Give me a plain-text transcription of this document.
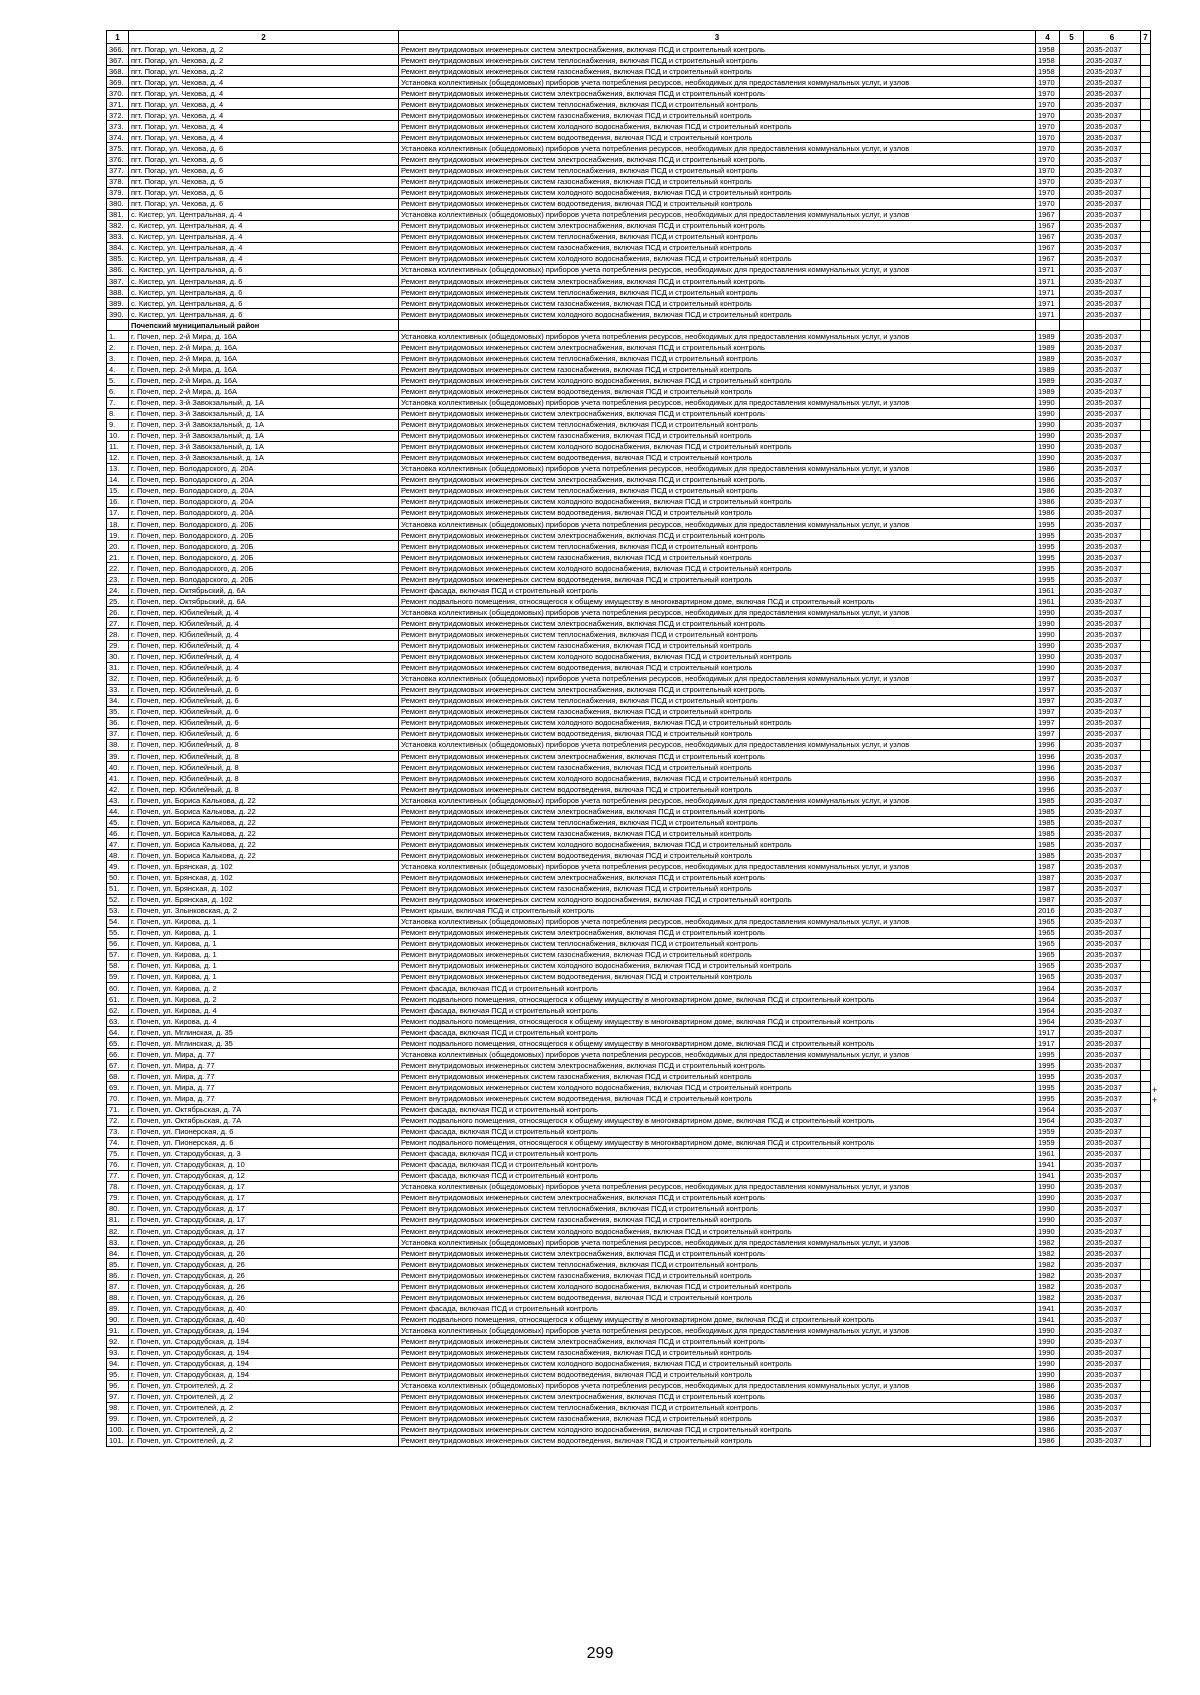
1	2	3	4	5	6	7
366.	пгт. Погар, ул. Чехова, д. 2	Ремонт внутридомовых инженерных систем электроснабжения, включая ПСД и строительный контроль	1958		2035-2037	
367.	пгт. Погар, ул. Чехова, д. 2	Ремонт внутридомовых инженерных систем теплоснабжения, включая ПСД и строительный контроль	1958		2035-2037	
368.	пгт. Погар, ул. Чехова, д. 2	Ремонт внутридомовых инженерных систем газоснабжения, включая ПСД и строительный контроль	1958		2035-2037	
369.	пгт. Погар, ул. Чехова, д. 4	Установка коллективных (общедомовых) приборов учета потребления ресурсов, необходимых для предоставления коммунальных услуг, и узлов	1970		2035-2037	
370.	пгт. Погар, ул. Чехова, д. 4	Ремонт внутридомовых инженерных систем электроснабжения, включая ПСД и строительный контроль	1970		2035-2037	
371.	пгт. Погар, ул. Чехова, д. 4	Ремонт внутридомовых инженерных систем теплоснабжения, включая ПСД и строительный контроль	1970		2035-2037	
372.	пгт. Погар, ул. Чехова, д. 4	Ремонт внутридомовых инженерных систем газоснабжения, включая ПСД и строительный контроль	1970		2035-2037	
373.	пгт. Погар, ул. Чехова, д. 4	Ремонт внутридомовых инженерных систем холодного водоснабжения, включая ПСД и строительный контроль	1970		2035-2037	
374.	пгт. Погар, ул. Чехова, д. 4	Ремонт внутридомовых инженерных систем водоотведения, включая ПСД и строительный контроль	1970		2035-2037	
375.	пгт. Погар, ул. Чехова, д. 6	Установка коллективных (общедомовых) приборов учета потребления ресурсов, необходимых для предоставления коммунальных услуг, и узлов	1970		2035-2037	
376.	пгт. Погар, ул. Чехова, д. 6	Ремонт внутридомовых инженерных систем электроснабжения, включая ПСД и строительный контроль	1970		2035-2037	
377.	пгт. Погар, ул. Чехова, д. 6	Ремонт внутридомовых инженерных систем теплоснабжения, включая ПСД и строительный контроль	1970		2035-2037	
378.	пгт. Погар, ул. Чехова, д. 6	Ремонт внутридомовых инженерных систем газоснабжения, включая ПСД и строительный контроль	1970		2035-2037	
379.	пгт. Погар, ул. Чехова, д. 6	Ремонт внутридомовых инженерных систем холодного водоснабжения, включая ПСД и строительный контроль	1970		2035-2037	
380.	пгт. Погар, ул. Чехова, д. 6	Ремонт внутридомовых инженерных систем водоотведения, включая ПСД и строительный контроль	1970		2035-2037	
381.	с. Кистер, ул. Центральная, д. 4	Установка коллективных (общедомовых) приборов учета потребления ресурсов, необходимых для предоставления коммунальных услуг, и узлов	1967		2035-2037	
382.	с. Кистер, ул. Центральная, д. 4	Ремонт внутридомовых инженерных систем электроснабжения, включая ПСД и строительный контроль	1967		2035-2037	
383.	с. Кистер, ул. Центральная, д. 4	Ремонт внутридомовых инженерных систем теплоснабжения, включая ПСД и строительный контроль	1967		2035-2037	
384.	с. Кистер, ул. Центральная, д. 4	Ремонт внутридомовых инженерных систем газоснабжения, включая ПСД и строительный контроль	1967		2035-2037	
385.	с. Кистер, ул. Центральная, д. 4	Ремонт внутридомовых инженерных систем холодного водоснабжения, включая ПСД и строительный контроль	1967		2035-2037	
386.	с. Кистер, ул. Центральная, д. 6	Установка коллективных (общедомовых) приборов учета потребления ресурсов, необходимых для предоставления коммунальных услуг, и узлов	1971		2035-2037	
387.	с. Кистер, ул. Центральная, д. 6	Ремонт внутридомовых инженерных систем электроснабжения, включая ПСД и строительный контроль	1971		2035-2037	
388.	с. Кистер, ул. Центральная, д. 6	Ремонт внутридомовых инженерных систем теплоснабжения, включая ПСД и строительный контроль	1971		2035-2037	
389.	с. Кистер, ул. Центральная, д. 6	Ремонт внутридомовых инженерных систем газоснабжения, включая ПСД и строительный контроль	1971		2035-2037	
390.	с. Кистер, ул. Центральная, д. 6	Ремонт внутридомовых инженерных систем холодного водоснабжения, включая ПСД и строительный контроль	1971		2035-2037	
	Почепский муниципальный район					
1.	г. Почеп, пер. 2-й Мира, д. 16А	Установка коллективных (общедомовых) приборов учета потребления ресурсов, необходимых для предоставления коммунальных услуг, и узлов	1989		2035-2037	
2.	г. Почеп, пер. 2-й Мира, д. 16А	Ремонт внутридомовых инженерных систем электроснабжения, включая ПСД и строительный контроль	1989		2035-2037	
3.	г. Почеп, пер. 2-й Мира, д. 16А	Ремонт внутридомовых инженерных систем теплоснабжения, включая ПСД и строительный контроль	1989		2035-2037	
4.	г. Почеп, пер. 2-й Мира, д. 16А	Ремонт внутридомовых инженерных систем газоснабжения, включая ПСД и строительный контроль	1989		2035-2037	
5.	г. Почеп, пер. 2-й Мира, д. 16А	Ремонт внутридомовых инженерных систем холодного водоснабжения, включая ПСД и строительный контроль	1989		2035-2037	
6.	г. Почеп, пер. 2-й Мира, д. 16А	Ремонт внутридомовых инженерных систем водоотведения, включая ПСД и строительный контроль	1989		2035-2037	
7.	г. Почеп, пер. 3-й Завокзальный, д. 1А	Установка коллективных (общедомовых) приборов учета потребления ресурсов, необходимых для предоставления коммунальных услуг, и узлов	1990		2035-2037	
8.	г. Почеп, пер. 3-й Завокзальный, д. 1А	Ремонт внутридомовых инженерных систем электроснабжения, включая ПСД и строительный контроль	1990		2035-2037	
9.	г. Почеп, пер. 3-й Завокзальный, д. 1А	Ремонт внутридомовых инженерных систем теплоснабжения, включая ПСД и строительный контроль	1990		2035-2037	
10.	г. Почеп, пер. 3-й Завокзальный, д. 1А	Ремонт внутридомовых инженерных систем газоснабжения, включая ПСД и строительный контроль	1990		2035-2037	
11.	г. Почеп, пер. 3-й Завокзальный, д. 1А	Ремонт внутридомовых инженерных систем холодного водоснабжения, включая ПСД и строительный контроль	1990		2035-2037	
12.	г. Почеп, пер. 3-й Завокзальный, д. 1А	Ремонт внутридомовых инженерных систем водоотведения, включая ПСД и строительный контроль	1990		2035-2037	
13.	г. Почеп, пер. Володарского, д. 20А	Установка коллективных (общедомовых) приборов учета потребления ресурсов, необходимых для предоставления коммунальных услуг, и узлов	1986		2035-2037	
14.	г. Почеп, пер. Володарского, д. 20А	Ремонт внутридомовых инженерных систем электроснабжения, включая ПСД и строительный контроль	1986		2035-2037	
15.	г. Почеп, пер. Володарского, д. 20А	Ремонт внутридомовых инженерных систем теплоснабжения, включая ПСД и строительный контроль	1986		2035-2037	
16.	г. Почеп, пер. Володарского, д. 20А	Ремонт внутридомовых инженерных систем холодного водоснабжения, включая ПСД и строительный контроль	1986		2035-2037	
17.	г. Почеп, пер. Володарского, д. 20А	Ремонт внутридомовых инженерных систем водоотведения, включая ПСД и строительный контроль	1986		2035-2037	
18.	г. Почеп, пер. Володарского, д. 20Б	Установка коллективных (общедомовых) приборов учета потребления ресурсов, необходимых для предоставления коммунальных услуг, и узлов	1995		2035-2037	
19.	г. Почеп, пер. Володарского, д. 20Б	Ремонт внутридомовых инженерных систем электроснабжения, включая ПСД и строительный контроль	1995		2035-2037	
20.	г. Почеп, пер. Володарского, д. 20Б	Ремонт внутридомовых инженерных систем теплоснабжения, включая ПСД и строительный контроль	1995		2035-2037	
21.	г. Почеп, пер. Володарского, д. 20Б	Ремонт внутридомовых инженерных систем газоснабжения, включая ПСД и строительный контроль	1995		2035-2037	
22.	г. Почеп, пер. Володарского, д. 20Б	Ремонт внутридомовых инженерных систем холодного водоснабжения, включая ПСД и строительный контроль	1995		2035-2037	
23.	г. Почеп, пер. Володарского, д. 20Б	Ремонт внутридомовых инженерных систем водоотведения, включая ПСД и строительный контроль	1995		2035-2037	
24.	г. Почеп, пер. Октябрьский, д. 6А	Ремонт фасада, включая ПСД и строительный контроль	1961		2035-2037	
25.	г. Почеп, пер. Октябрьский, д. 6А	Ремонт подвального помещения, относящегося к общему имуществу в многоквартирном доме, включая ПСД и строительный контроль	1961		2035-2037	
26.	г. Почеп, пер. Юбилейный, д. 4	Установка коллективных (общедомовых) приборов учета потребления ресурсов, необходимых для предоставления коммунальных услуг, и узлов	1990		2035-2037	
27.	г. Почеп, пер. Юбилейный, д. 4	Ремонт внутридомовых инженерных систем электроснабжения, включая ПСД и строительный контроль	1990		2035-2037	
28.	г. Почеп, пер. Юбилейный, д. 4	Ремонт внутридомовых инженерных систем теплоснабжения, включая ПСД и строительный контроль	1990		2035-2037	
29.	г. Почеп, пер. Юбилейный, д. 4	Ремонт внутридомовых инженерных систем газоснабжения, включая ПСД и строительный контроль	1990		2035-2037	
30.	г. Почеп, пер. Юбилейный, д. 4	Ремонт внутридомовых инженерных систем холодного водоснабжения, включая ПСД и строительный контроль	1990		2035-2037	
31.	г. Почеп, пер. Юбилейный, д. 4	Ремонт внутридомовых инженерных систем водоотведения, включая ПСД и строительный контроль	1990		2035-2037	
32.	г. Почеп, пер. Юбилейный, д. 6	Установка коллективных (общедомовых) приборов учета потребления ресурсов, необходимых для предоставления коммунальных услуг, и узлов	1997		2035-2037	
33.	г. Почеп, пер. Юбилейный, д. 6	Ремонт внутридомовых инженерных систем электроснабжения, включая ПСД и строительный контроль	1997		2035-2037	
34.	г. Почеп, пер. Юбилейный, д. 6	Ремонт внутридомовых инженерных систем теплоснабжения, включая ПСД и строительный контроль	1997		2035-2037	
35.	г. Почеп, пер. Юбилейный, д. 6	Ремонт внутридомовых инженерных систем газоснабжения, включая ПСД и строительный контроль	1997		2035-2037	
36.	г. Почеп, пер. Юбилейный, д. 6	Ремонт внутридомовых инженерных систем холодного водоснабжения, включая ПСД и строительный контроль	1997		2035-2037	
37.	г. Почеп, пер. Юбилейный, д. 6	Ремонт внутридомовых инженерных систем водоотведения, включая ПСД и строительный контроль	1997		2035-2037	
38.	г. Почеп, пер. Юбилейный, д. 8	Установка коллективных (общедомовых) приборов учета потребления ресурсов, необходимых для предоставления коммунальных услуг, и узлов	1996		2035-2037	
39.	г. Почеп, пер. Юбилейный, д. 8	Ремонт внутридомовых инженерных систем электроснабжения, включая ПСД и строительный контроль	1996		2035-2037	
40.	г. Почеп, пер. Юбилейный, д. 8	Ремонт внутридомовых инженерных систем газоснабжения, включая ПСД и строительный контроль	1996		2035-2037	
41.	г. Почеп, пер. Юбилейный, д. 8	Ремонт внутридомовых инженерных систем холодного водоснабжения, включая ПСД и строительный контроль	1996		2035-2037	
42.	г. Почеп, пер. Юбилейный, д. 8	Ремонт внутридомовых инженерных систем водоотведения, включая ПСД и строительный контроль	1996		2035-2037	
43.	г. Почеп, ул. Бориса Калькова, д. 22	Установка коллективных (общедомовых) приборов учета потребления ресурсов, необходимых для предоставления коммунальных услуг, и узлов	1985		2035-2037	
44.	г. Почеп, ул. Бориса Калькова, д. 22	Ремонт внутридомовых инженерных систем электроснабжения, включая ПСД и строительный контроль	1985		2035-2037	
45.	г. Почеп, ул. Бориса Калькова, д. 22	Ремонт внутридомовых инженерных систем теплоснабжения, включая ПСД и строительный контроль	1985		2035-2037	
46.	г. Почеп, ул. Бориса Калькова, д. 22	Ремонт внутридомовых инженерных систем газоснабжения, включая ПСД и строительный контроль	1985		2035-2037	
47.	г. Почеп, ул. Бориса Калькова, д. 22	Ремонт внутридомовых инженерных систем холодного водоснабжения, включая ПСД и строительный контроль	1985		2035-2037	
48.	г. Почеп, ул. Бориса Калькова, д. 22	Ремонт внутридомовых инженерных систем водоотведения, включая ПСД и строительный контроль	1985		2035-2037	
49.	г. Почеп, ул. Брянская, д. 102	Установка коллективных (общедомовых) приборов учета потребления ресурсов, необходимых для предоставления коммунальных услуг, и узлов	1987		2035-2037	
50.	г. Почеп, ул. Брянская, д. 102	Ремонт внутридомовых инженерных систем электроснабжения, включая ПСД и строительный контроль	1987		2035-2037	
51.	г. Почеп, ул. Брянская, д. 102	Ремонт внутридомовых инженерных систем газоснабжения, включая ПСД и строительный контроль	1987		2035-2037	
52.	г. Почеп, ул. Брянская, д. 102	Ремонт внутридомовых инженерных систем холодного водоснабжения, включая ПСД и строительный контроль	1987		2035-2037	
53.	г. Почеп, ул. Злынковская, д. 2	Ремонт крыши, включая ПСД и строительный контроль	2016		2035-2037	
54.	г. Почеп, ул. Кирова, д. 1	Установка коллективных (общедомовых) приборов учета потребления ресурсов, необходимых для предоставления коммунальных услуг, и узлов	1965		2035-2037	
55.	г. Почеп, ул. Кирова, д. 1	Ремонт внутридомовых инженерных систем электроснабжения, включая ПСД и строительный контроль	1965		2035-2037	
56.	г. Почеп, ул. Кирова, д. 1	Ремонт внутридомовых инженерных систем теплоснабжения, включая ПСД и строительный контроль	1965		2035-2037	
57.	г. Почеп, ул. Кирова, д. 1	Ремонт внутридомовых инженерных систем газоснабжения, включая ПСД и строительный контроль	1965		2035-2037	
58.	г. Почеп, ул. Кирова, д. 1	Ремонт внутридомовых инженерных систем холодного водоснабжения, включая ПСД и строительный контроль	1965		2035-2037	
59.	г. Почеп, ул. Кирова, д. 1	Ремонт внутридомовых инженерных систем водоотведения, включая ПСД и строительный контроль	1965		2035-2037	
60.	г. Почеп, ул. Кирова, д. 2	Ремонт фасада, включая ПСД и строительный контроль	1964		2035-2037	
61.	г. Почеп, ул. Кирова, д. 2	Ремонт подвального помещения, относящегося к общему имуществу в многоквартирном доме, включая ПСД и строительный контроль	1964		2035-2037	
62.	г. Почеп, ул. Кирова, д. 4	Ремонт фасада, включая ПСД и строительный контроль	1964		2035-2037	
63.	г. Почеп, ул. Кирова, д. 4	Ремонт подвального помещения, относящегося к общему имуществу в многоквартирном доме, включая ПСД и строительный контроль	1964		2035-2037	
64.	г. Почеп, ул. Мглинская, д. 35	Ремонт фасада, включая ПСД и строительный контроль	1917		2035-2037	
65.	г. Почеп, ул. Мглинская, д. 35	Ремонт подвального помещения, относящегося к общему имуществу в многоквартирном доме, включая ПСД и строительный контроль	1917		2035-2037	
66.	г. Почеп, ул. Мира, д. 77	Установка коллективных (общедомовых) приборов учета потребления ресурсов, необходимых для предоставления коммунальных услуг, и узлов	1995		2035-2037	
67.	г. Почеп, ул. Мира, д. 77	Ремонт внутридомовых инженерных систем электроснабжения, включая ПСД и строительный контроль	1995		2035-2037	
68.	г. Почеп, ул. Мира, д. 77	Ремонт внутридомовых инженерных систем газоснабжения, включая ПСД и строительный контроль	1995		2035-2037	
69.	г. Почеп, ул. Мира, д. 77	Ремонт внутридомовых инженерных систем холодного водоснабжения, включая ПСД и строительный контроль	1995		2035-2037	
70.	г. Почеп, ул. Мира, д. 77	Ремонт внутридомовых инженерных систем водоотведения, включая ПСД и строительный контроль	1995		2035-2037	
71.	г. Почеп, ул. Октябрьская, д. 7А	Ремонт фасада, включая ПСД и строительный контроль	1964		2035-2037	
72.	г. Почеп, ул. Октябрьская, д. 7А	Ремонт подвального помещения, относящегося к общему имуществу в многоквартирном доме, включая ПСД и строительный контроль	1964		2035-2037	
73.	г. Почеп, ул. Пионерская, д. 6	Ремонт фасада, включая ПСД и строительный контроль	1959		2035-2037	
74.	г. Почеп, ул. Пионерская, д. 6	Ремонт подвального помещения, относящегося к общему имуществу в многоквартирном доме, включая ПСД и строительный контроль	1959		2035-2037	
75.	г. Почеп, ул. Стародубская, д. 3	Ремонт фасада, включая ПСД и строительный контроль	1961		2035-2037	
76.	г. Почеп, ул. Стародубская, д. 10	Ремонт фасада, включая ПСД и строительный контроль	1941		2035-2037	
77.	г. Почеп, ул. Стародубская, д. 12	Ремонт фасада, включая ПСД и строительный контроль	1941		2035-2037	
78.	г. Почеп, ул. Стародубская, д. 17	Установка коллективных (общедомовых) приборов учета потребления ресурсов, необходимых для предоставления коммунальных услуг, и узлов	1990		2035-2037	
79.	г. Почеп, ул. Стародубская, д. 17	Ремонт внутридомовых инженерных систем электроснабжения, включая ПСД и строительный контроль	1990		2035-2037	
80.	г. Почеп, ул. Стародубская, д. 17	Ремонт внутридомовых инженерных систем теплоснабжения, включая ПСД и строительный контроль	1990		2035-2037	
81.	г. Почеп, ул. Стародубская, д. 17	Ремонт внутридомовых инженерных систем газоснабжения, включая ПСД и строительный контроль	1990		2035-2037	
82.	г. Почеп, ул. Стародубская, д. 17	Ремонт внутридомовых инженерных систем холодного водоснабжения, включая ПСД и строительный контроль	1990		2035-2037	
83.	г. Почеп, ул. Стародубская, д. 26	Установка коллективных (общедомовых) приборов учета потребления ресурсов, необходимых для предоставления коммунальных услуг, и узлов	1982		2035-2037	
84.	г. Почеп, ул. Стародубская, д. 26	Ремонт внутридомовых инженерных систем электроснабжения, включая ПСД и строительный контроль	1982		2035-2037	
85.	г. Почеп, ул. Стародубская, д. 26	Ремонт внутридомовых инженерных систем теплоснабжения, включая ПСД и строительный контроль	1982		2035-2037	
86.	г. Почеп, ул. Стародубская, д. 26	Ремонт внутридомовых инженерных систем газоснабжения, включая ПСД и строительный контроль	1982		2035-2037	
87.	г. Почеп, ул. Стародубская, д. 26	Ремонт внутридомовых инженерных систем холодного водоснабжения, включая ПСД и строительный контроль	1982		2035-2037	
88.	г. Почеп, ул. Стародубская, д. 26	Ремонт внутридомовых инженерных систем водоотведения, включая ПСД и строительный контроль	1982		2035-2037	
89.	г. Почеп, ул. Стародубская, д. 40	Ремонт фасада, включая ПСД и строительный контроль	1941		2035-2037	
90.	г. Почеп, ул. Стародубская, д. 40	Ремонт подвального помещения, относящегося к общему имуществу в многоквартирном доме, включая ПСД и строительный контроль	1941		2035-2037	
91.	г. Почеп, ул. Стародубская, д. 194	Установка коллективных (общедомовых) приборов учета потребления ресурсов, необходимых для предоставления коммунальных услуг, и узлов	1990		2035-2037	
92.	г. Почеп, ул. Стародубская, д. 194	Ремонт внутридомовых инженерных систем электроснабжения, включая ПСД и строительный контроль	1990		2035-2037	
93.	г. Почеп, ул. Стародубская, д. 194	Ремонт внутридомовых инженерных систем газоснабжения, включая ПСД и строительный контроль	1990		2035-2037	
94.	г. Почеп, ул. Стародубская, д. 194	Ремонт внутридомовых инженерных систем холодного водоснабжения, включая ПСД и строительный контроль	1990		2035-2037	
95.	г. Почеп, ул. Стародубская, д. 194	Ремонт внутридомовых инженерных систем водоотведения, включая ПСД и строительный контроль	1990		2035-2037	
96.	г. Почеп, ул. Строителей, д. 2	Установка коллективных (общедомовых) приборов учета потребления ресурсов, необходимых для предоставления коммунальных услуг, и узлов	1986		2035-2037	
97.	г. Почеп, ул. Строителей, д. 2	Ремонт внутридомовых инженерных систем электроснабжения, включая ПСД и строительный контроль	1986		2035-2037	
98.	г. Почеп, ул. Строителей, д. 2	Ремонт внутридомовых инженерных систем теплоснабжения, включая ПСД и строительный контроль	1986		2035-2037	
99.	г. Почеп, ул. Строителей, д. 2	Ремонт внутридомовых инженерных систем газоснабжения, включая ПСД и строительный контроль	1986		2035-2037	
100.	г. Почеп, ул. Строителей, д. 2	Ремонт внутридомовых инженерных систем холодного водоснабжения, включая ПСД и строительный контроль	1986		2035-2037	
101.	г. Почеп, ул. Строителей, д. 2	Ремонт внутридомовых инженерных систем водоотведения, включая ПСД и строительный контроль	1986		2035-2037	
+
+
299
